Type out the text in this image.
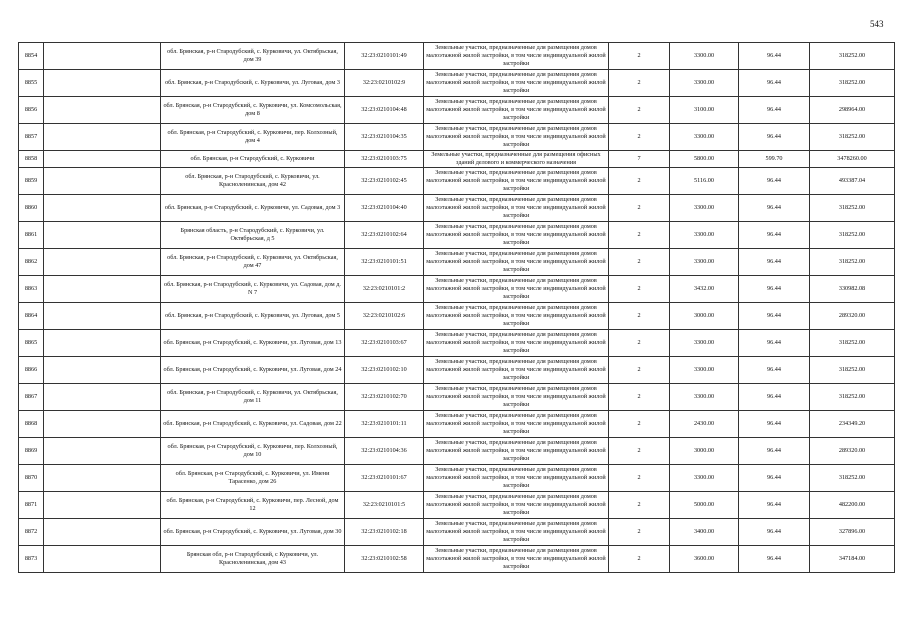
543
8854		обл. Брянская, р-н Стародубский, с. Курковичи, ул. Октябрьская, дом 39	32:23:0210101:49	Земельные участки, предназначенные для размещения домов малоэтажной жилой застройки, в том числе индивидуальной жилой застройки	2	3300.00	96.44	318252.00
8855		обл. Брянская, р-н Стародубский, с. Курковичи, ул. Луговая, дом 3	32:23:0210102:9	Земельные участки, предназначенные для размещения домов малоэтажной жилой застройки, в том числе индивидуальной жилой застройки	2	3300.00	96.44	318252.00
8856		обл. Брянская, р-н Стародубский, с. Курковичи, ул. Комсомольская, дом 8	32:23:0210104:48	Земельные участки, предназначенные для размещения домов малоэтажной жилой застройки, в том числе индивидуальной жилой застройки	2	3100.00	96.44	298964.00
8857		обл. Брянская, р-н Стародубский, с. Курковичи, пер. Колхозный, дом 4	32:23:0210104:35	Земельные участки, предназначенные для размещения домов малоэтажной жилой застройки, в том числе индивидуальной жилой застройки	2	3300.00	96.44	318252.00
8858		обл. Брянская, р-н Стародубский, с. Курковичи	32:23:0210103:75	Земельные участки, предназначенные для размещения офисных зданий делового и коммерческого назначения	7	5800.00	599.70	3478260.00
8859		обл. Брянская, р-н Стародубский, с. Курковичи, ул. Красноленинская, дом 42	32:23:0210102:45	Земельные участки, предназначенные для размещения домов малоэтажной жилой застройки, в том числе индивидуальной жилой застройки	2	5116.00	96.44	493387.04
8860		обл. Брянская, р-н Стародубский, с. Курковичи, ул. Садовая, дом 3	32:23:0210104:40	Земельные участки, предназначенные для размещения домов малоэтажной жилой застройки, в том числе индивидуальной жилой застройки	2	3300.00	96.44	318252.00
8861		Брянская область, р-н Стародубский, с. Курковичи, ул. Октябрьская, д 5	32:23:0210102:64	Земельные участки, предназначенные для размещения домов малоэтажной жилой застройки, в том числе индивидуальной жилой застройки	2	3300.00	96.44	318252.00
8862		обл. Брянская, р-н Стародубский, с. Курковичи, ул. Октябрьская, дом 47	32:23:0210101:51	Земельные участки, предназначенные для размещения домов малоэтажной жилой застройки, в том числе индивидуальной жилой застройки	2	3300.00	96.44	318252.00
8863		обл. Брянская, р-н Стародубский, с. Курковичи, ул. Садовая, дом д. N 7	32:23:0210101:2	Земельные участки, предназначенные для размещения домов малоэтажной жилой застройки, в том числе индивидуальной жилой застройки	2	3432.00	96.44	330982.08
8864		обл. Брянская, р-н Стародубский, с. Курковичи, ул. Луговая, дом 5	32:23:0210102:6	Земельные участки, предназначенные для размещения домов малоэтажной жилой застройки, в том числе индивидуальной жилой застройки	2	3000.00	96.44	289320.00
8865		обл. Брянская, р-н Стародубский, с. Курковичи, ул. Луговая, дом 13	32:23:0210103:67	Земельные участки, предназначенные для размещения домов малоэтажной жилой застройки, в том числе индивидуальной жилой застройки	2	3300.00	96.44	318252.00
8866		обл. Брянская, р-н Стародубский, с. Курковичи, ул. Луговая, дом 24	32:23:0210102:10	Земельные участки, предназначенные для размещения домов малоэтажной жилой застройки, в том числе индивидуальной жилой застройки	2	3300.00	96.44	318252.00
8867		обл. Брянская, р-н Стародубский, с. Курковичи, ул. Октябрьская, дом 11	32:23:0210102:70	Земельные участки, предназначенные для размещения домов малоэтажной жилой застройки, в том числе индивидуальной жилой застройки	2	3300.00	96.44	318252.00
8868		обл. Брянская, р-н Стародубский, с. Курковичи, ул. Садовая, дом 22	32:23:0210101:11	Земельные участки, предназначенные для размещения домов малоэтажной жилой застройки, в том числе индивидуальной жилой застройки	2	2430.00	96.44	234349.20
8869		обл. Брянская, р-н Стародубский, с. Курковичи, пер. Колхозный, дом 10	32:23:0210104:36	Земельные участки, предназначенные для размещения домов малоэтажной жилой застройки, в том числе индивидуальной жилой застройки	2	3000.00	96.44	289320.00
8870		обл. Брянская, р-н Стародубский, с. Курковичи, ул. Имени Тарасенко, дом 26	32:23:0210101:67	Земельные участки, предназначенные для размещения домов малоэтажной жилой застройки, в том числе индивидуальной жилой застройки	2	3300.00	96.44	318252.00
8871		обл. Брянская, р-н Стародубский, с. Курковичи, пер. Лесной, дом 12	32:23:0210101:5	Земельные участки, предназначенные для размещения домов малоэтажной жилой застройки, в том числе индивидуальной жилой застройки	2	5000.00	96.44	482200.00
8872		обл. Брянская, р-н Стародубский, с. Курковичи, ул. Луговая, дом 30	32:23:0210102:18	Земельные участки, предназначенные для размещения домов малоэтажной жилой застройки, в том числе индивидуальной жилой застройки	2	3400.00	96.44	327896.00
8873		Брянская обл, р-н Стародубский, с Курковичи, ул. Красноленинская, дом 43	32:23:0210102:58	Земельные участки, предназначенные для размещения домов малоэтажной жилой застройки, в том числе индивидуальной жилой застройки	2	3600.00	96.44	347184.00
